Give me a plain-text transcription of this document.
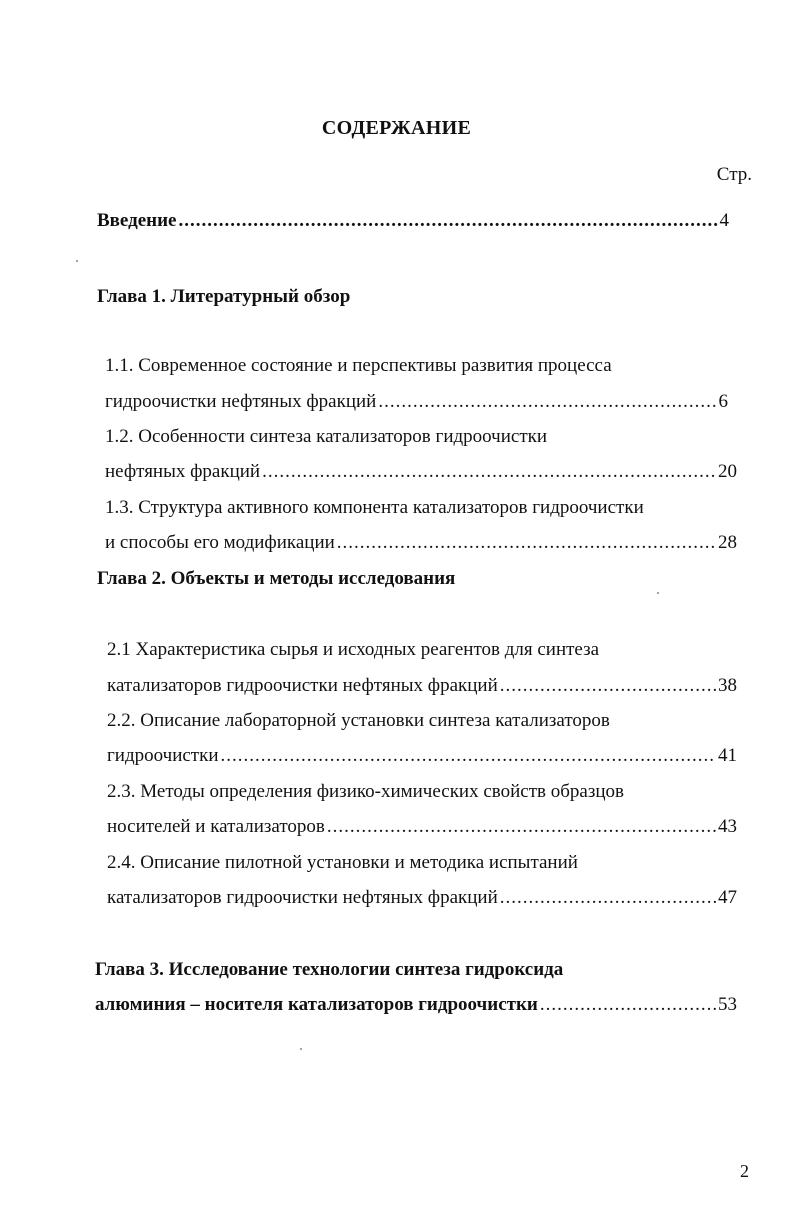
СОДЕРЖАНИЕ
Стр.
Введение .....	4
Глава 1. Литературный обзор
1.1. Современное состояние и перспективы развития процесса
гидроочистки нефтяных фракций .....	6
1.2. Особенности синтеза катализаторов гидроочистки
нефтяных фракций .....	20
1.3. Структура активного компонента катализаторов гидроочистки
и способы его модификации .....	28
Глава 2. Объекты и методы исследования
2.1 Характеристика сырья и исходных реагентов для синтеза
катализаторов гидроочистки нефтяных фракций .....	38
2.2. Описание лабораторной установки синтеза катализаторов
гидроочистки .....	41
2.3. Методы определения физико-химических свойств образцов
носителей и катализаторов .....	43
2.4. Описание пилотной установки и методика испытаний
катализаторов гидроочистки нефтяных фракций .....	47
Глава 3. Исследование технологии синтеза гидроксида
алюминия – носителя катализаторов гидроочистки .....	53
2
